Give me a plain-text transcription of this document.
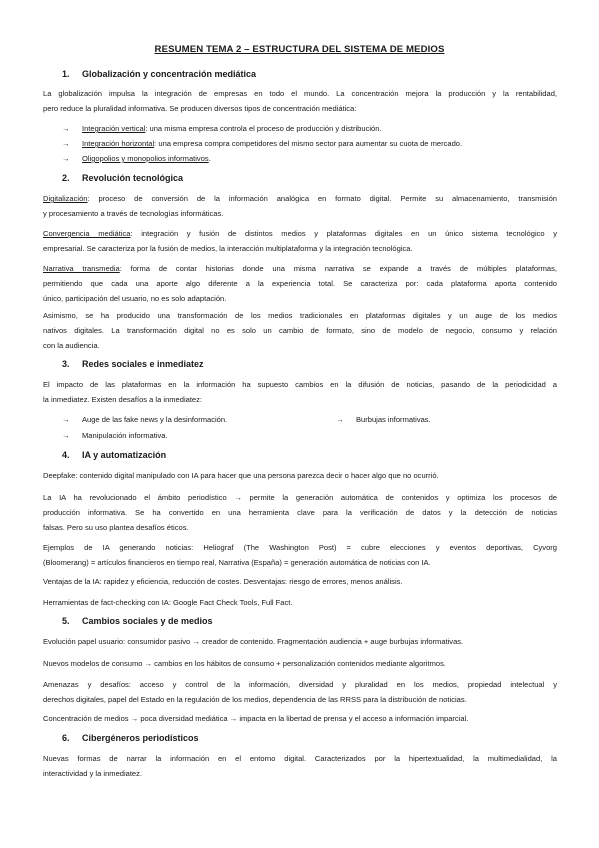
RESUMEN TEMA 2 – ESTRUCTURA DEL SISTEMA DE MEDIOS
1. Globalización y concentración mediática
La globalización impulsa la integración de empresas en todo el mundo. La concentración mejora la producción y la rentabilidad,
pero reduce la pluralidad informativa. Se producen diversos tipos de concentración mediática:
→ Integración vertical: una misma empresa controla el proceso de producción y distribución.
→ Integración horizontal: una empresa compra competidores del mismo sector para aumentar su cuota de mercado.
→ Oligopolios y monopolios informativos.
2. Revolución tecnológica
Digitalización: proceso de conversión de la información analógica en formato digital. Permite su almacenamiento, transmisión
y procesamiento a través de tecnologías informáticas.
Convergencia mediática: integración y fusión de distintos medios y plataformas digitales en un único sistema tecnológico y
empresarial. Se caracteriza por la fusión de medios, la interacción multiplataforma y la integración tecnológica.
Narrativa transmedia: forma de contar historias donde una misma narrativa se expande a través de múltiples plataformas,
permitiendo que cada una aporte algo diferente a la experiencia total. Se caracteriza por: cada plataforma aporta contenido
único, participación del usuario, no es solo adaptación.
Asimismo, se ha producido una transformación de los medios tradicionales en plataformas digitales y un auge de los medios
nativos digitales. La transformación digital no es solo un cambio de formato, sino de modelo de negocio, consumo y relación
con la audiencia.
3. Redes sociales e inmediatez
El impacto de las plataformas en la información ha supuesto cambios en la difusión de noticias, pasando de la periodicidad a
la inmediatez. Existen desafíos a la inmediatez:
→ Auge de las fake news y la desinformación.	→ Burbujas informativas.
→ Manipulación informativa.
4. IA y automatización
Deepfake: contenido digital manipulado con IA para hacer que una persona parezca decir o hacer algo que no ocurrió.
La IA ha revolucionado el ámbito periodístico → permite la generación automática de contenidos y optimiza los procesos de
producción informativa. Se ha convertido en una herramienta clave para la verificación de datos y la detección de noticias
falsas. Pero su uso plantea desafíos éticos.
Ejemplos de IA generando noticias: Heliograf (The Washington Post) = cubre elecciones y eventos deportivas, Cyvorg
(Bloomerang) = artículos financieros en tiempo real, Narrativa (España) = generación automática de noticias con IA.
Ventajas de la IA: rapidez y eficiencia, reducción de costes. Desventajas: riesgo de errores, menos análisis.
Herramientas de fact-checking con IA: Google Fact Check Tools, Full Fact.
5. Cambios sociales y de medios
Evolución papel usuario: consumidor pasivo → creador de contenido. Fragmentación audiencia + auge burbujas informativas.
Nuevos modelos de consumo → cambios en los hábitos de consumo + personalización contenidos mediante algoritmos.
Amenazas y desafíos: acceso y control de la información, diversidad y pluralidad en los medios, propiedad intelectual y
derechos digitales, papel del Estado en la regulación de los medios, dependencia de las RRSS para la distribución de noticias.
Concentración de medios → poca diversidad mediática → impacta en la libertad de prensa y el acceso a información imparcial.
6. Cibergéneros periodísticos
Nuevas formas de narrar la información en el entorno digital. Caracterizados por la hipertextualidad, la multimedialidad, la
interactividad y la inmediatez.
